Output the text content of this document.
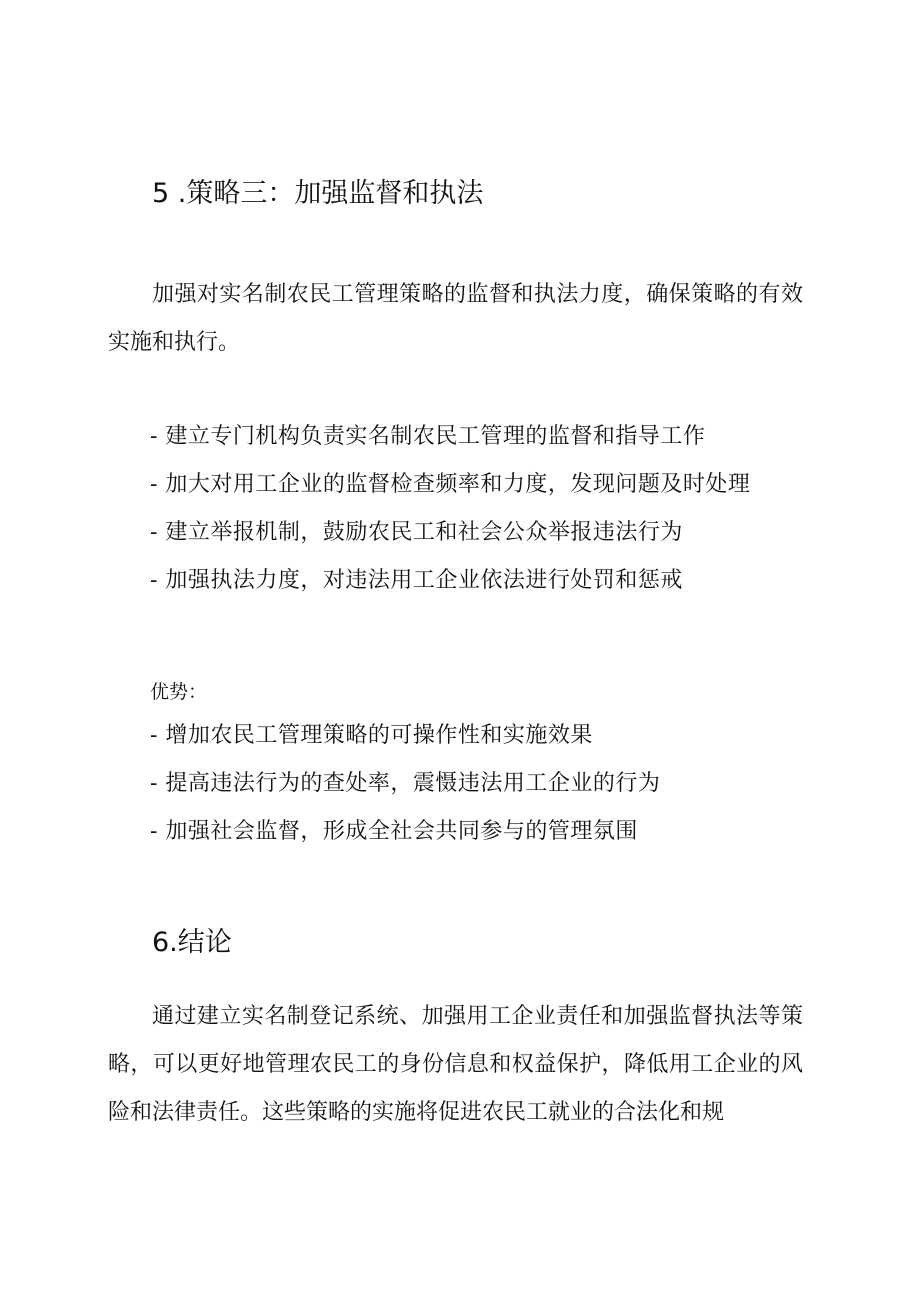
5 .策略三：加强监督和执法

加强对实名制农民工管理策略的监督和执法力度，确保策略的有效实施和执行。

- 建立专门机构负责实名制农民工管理的监督和指导工作
- 加大对用工企业的监督检查频率和力度，发现问题及时处理
- 建立举报机制，鼓励农民工和社会公众举报违法行为
- 加强执法力度，对违法用工企业依法进行处罚和惩戒

优势：

- 增加农民工管理策略的可操作性和实施效果
- 提高违法行为的查处率，震慑违法用工企业的行为
- 加强社会监督，形成全社会共同参与的管理氛围
6.结论

通过建立实名制登记系统、加强用工企业责任和加强监督执法等策略，可以更好地管理农民工的身份信息和权益保护，降低用工企业的风险和法律责任。这些策略的实施将促进农民工就业的合法化和规
